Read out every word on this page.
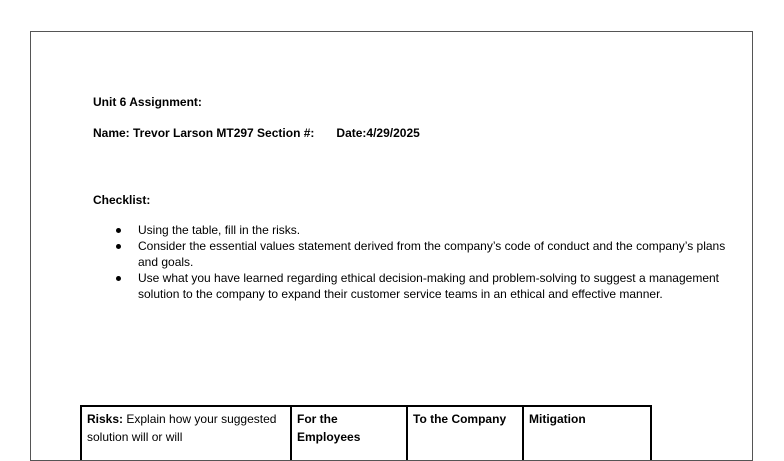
Unit 6 Assignment:
Name: Trevor Larson MT297 Section #: Date:4/29/2025
Checklist:
Using the table, fill in the risks.
Consider the essential values statement derived from the company’s code of conduct and the company’s plans and goals.
Use what you have learned regarding ethical decision-making and problem-solving to suggest a management solution to the company to expand their customer service teams in an ethical and effective manner.
Risks: Explain how your suggested solution will or will	For the Employees	To the Company	Mitigation
